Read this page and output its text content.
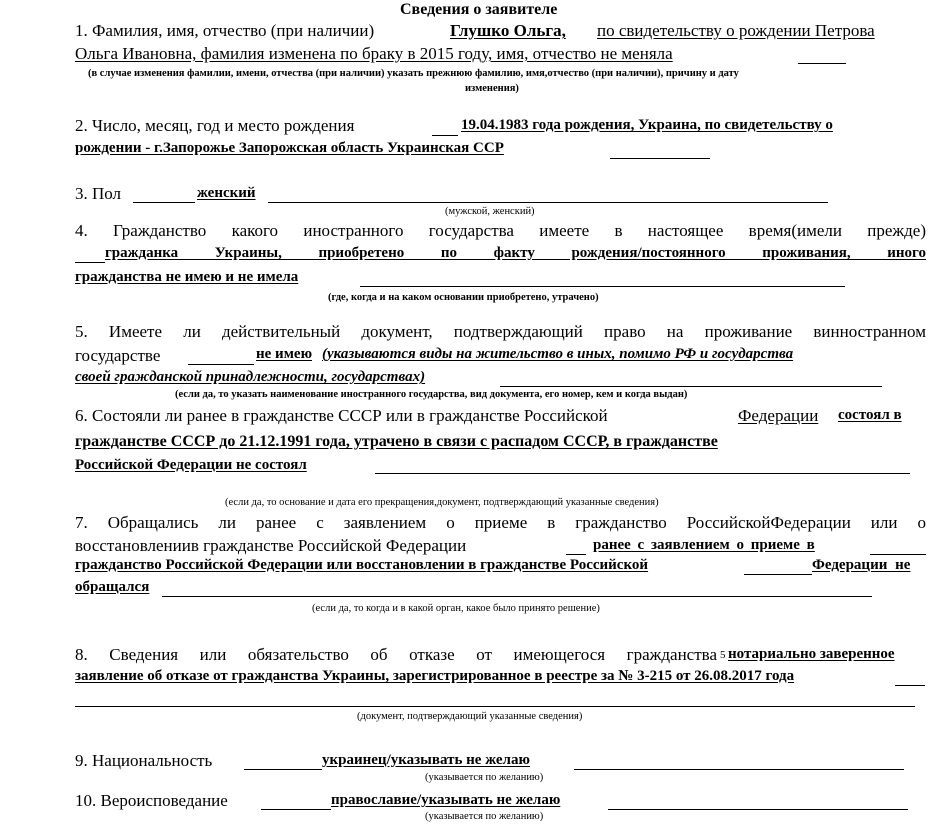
Сведения о заявителе
1. Фамилия, имя, отчество (при наличии)	Глушко Ольга, по свидетельству о рождении Петрова
Ольга Ивановна, фамилия изменена по браку в 2015 году, имя, отчество не меняла
(в случае изменения фамилии, имени, отчества (при наличии) указать прежнюю фамилию, имя,отчество (при наличии), причину и дату
изменения)
2. Число, месяц, год и место рождения	19.04.1983 года рождения, Украина, по свидетельству о
рождении - г.Запорожье Запорожская область Украинская ССР
3. Пол	женский
(мужской, женский)
4. Гражданство какого иностранного государства имеете в настоящее время(имели прежде)
гражданка Украины, приобретено по факту рождения/постоянного проживания, иного
гражданства не имею и не имела
(где, когда и на каком основании приобретено, утрачено)
5. Имеете ли действительный документ, подтверждающий право на проживание винностранном
государстве	не имею (указываются виды на жительство в иных, помимо РФ и государства
своей гражданской принадлежности, государствах)
(если да, то указать наименование иностранного государства, вид документа, его номер, кем и когда выдан)
6. Состояли ли ранее в гражданстве СССР или в гражданстве Российской	Федерации состоял в
гражданстве СССР до 21.12.1991 года, утрачено в связи с распадом СССР, в гражданстве
Российской Федерации не состоял
(если да, то основание и дата его прекращения,документ, подтверждающий указанные сведения)
7. Обращались ли ранее с заявлением о приеме в гражданство РоссийскойФедерации или о
восстановлениив гражданстве Российской Федерации	ранее с заявлением о приеме в
гражданство Российской Федерации или восстановлении в гражданстве Российской	Федерации не
обращался
(если да, то когда и в какой орган, какое было принято решение)
8. Сведения или обязательство об отказе от имеющегося гражданства 5 нотариально заверенное
заявление об отказе от гражданства Украины, зарегистрированное в реестре за № 3-215 от 26.08.2017 года
(документ, подтверждающий указанные сведения)
9. Национальность	украинец/указывать не желаю
(указывается по желанию)
10. Вероисповедание	православие/указывать не желаю
(указывается по желанию)
